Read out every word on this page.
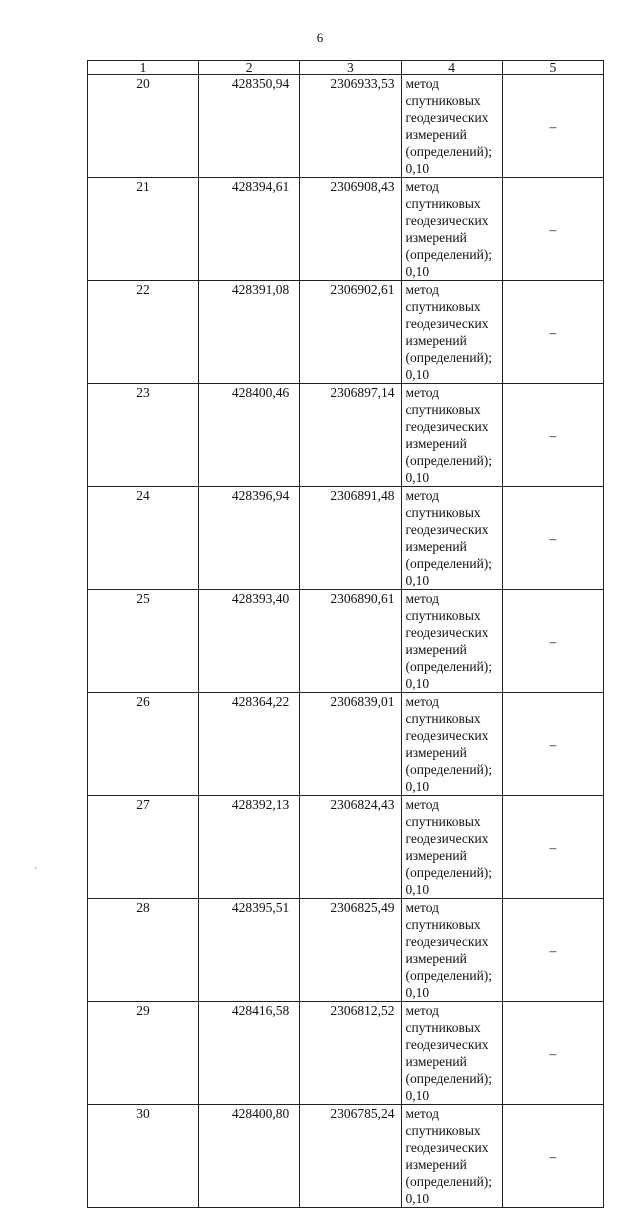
6
1	2	3	4	5
20	428350,94	2306933,53	метод спутниковых геодезических измерений (определений); 0,10	–
21	428394,61	2306908,43	метод спутниковых геодезических измерений (определений); 0,10	–
22	428391,08	2306902,61	метод спутниковых геодезических измерений (определений); 0,10	–
23	428400,46	2306897,14	метод спутниковых геодезических измерений (определений); 0,10	–
24	428396,94	2306891,48	метод спутниковых геодезических измерений (определений); 0,10	–
25	428393,40	2306890,61	метод спутниковых геодезических измерений (определений); 0,10	–
26	428364,22	2306839,01	метод спутниковых геодезических измерений (определений); 0,10	–
27	428392,13	2306824,43	метод спутниковых геодезических измерений (определений); 0,10	–
28	428395,51	2306825,49	метод спутниковых геодезических измерений (определений); 0,10	–
29	428416,58	2306812,52	метод спутниковых геодезических измерений (определений); 0,10	–
30	428400,80	2306785,24	метод спутниковых геодезических измерений (определений); 0,10	–
`
